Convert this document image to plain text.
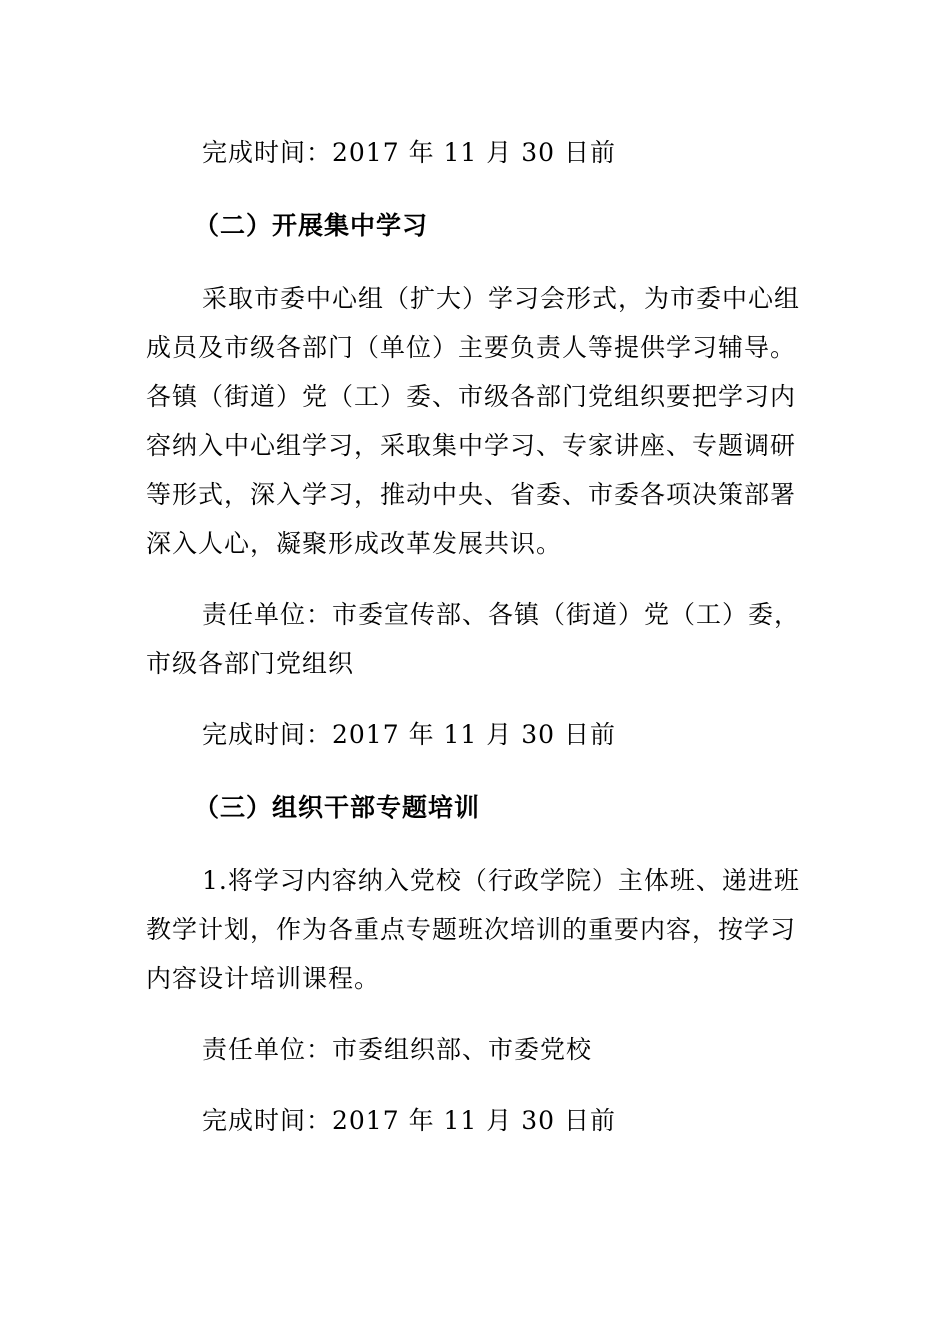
完成时间：2017 年 11 月 30 日前
（二）开展集中学习
采取市委中心组（扩大）学习会形式，为市委中心组
成员及市级各部门（单位）主要负责人等提供学习辅导。
各镇（街道）党（工）委、市级各部门党组织要把学习内
容纳入中心组学习，采取集中学习、专家讲座、专题调研
等形式，深入学习，推动中央、省委、市委各项决策部署
深入人心，凝聚形成改革发展共识。
责任单位：市委宣传部、各镇（街道）党（工）委，
市级各部门党组织
完成时间：2017 年 11 月 30 日前
（三）组织干部专题培训
1.将学习内容纳入党校（行政学院）主体班、递进班
教学计划，作为各重点专题班次培训的重要内容，按学习
内容设计培训课程。
责任单位：市委组织部、市委党校
完成时间：2017 年 11 月 30 日前
